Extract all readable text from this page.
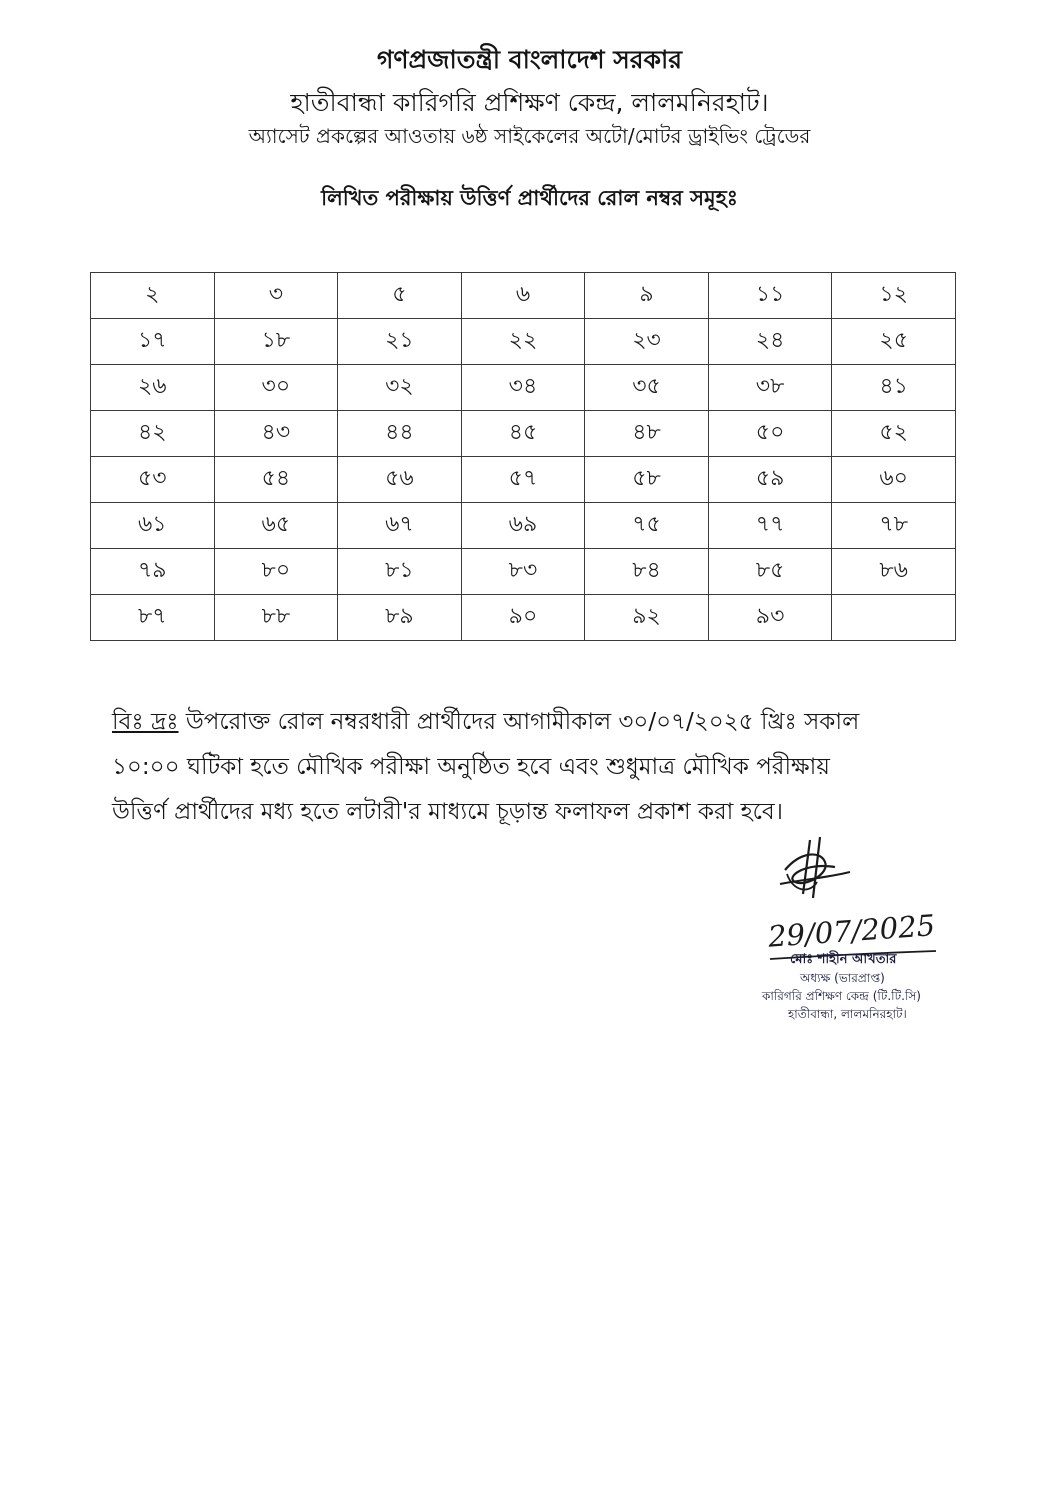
গণপ্রজাতন্ত্রী বাংলাদেশ সরকার
হাতীবান্ধা কারিগরি প্রশিক্ষণ কেন্দ্র, লালমনিরহাট।
অ্যাসেট প্রকল্পের আওতায় ৬ষ্ঠ সাইকেলের অটো/মোটর ড্রাইভিং ট্রেডের
লিখিত পরীক্ষায় উত্তির্ণ প্রার্থীদের রোল নম্বর সমূহঃ
২	৩	৫	৬	৯	১১	১২
১৭	১৮	২১	২২	২৩	২৪	২৫
২৬	৩০	৩২	৩৪	৩৫	৩৮	৪১
৪২	৪৩	৪৪	৪৫	৪৮	৫০	৫২
৫৩	৫৪	৫৬	৫৭	৫৮	৫৯	৬০
৬১	৬৫	৬৭	৬৯	৭৫	৭৭	৭৮
৭৯	৮০	৮১	৮৩	৮৪	৮৫	৮৬
৮৭	৮৮	৮৯	৯০	৯২	৯৩	
বিঃ দ্রঃ উপরোক্ত রোল নম্বরধারী প্রার্থীদের আগামীকাল ৩০/০৭/২০২৫ খ্রিঃ সকাল
১০:০০ ঘটিকা হতে মৌখিক পরীক্ষা অনুষ্ঠিত হবে এবং শুধুমাত্র মৌখিক পরীক্ষায়
উত্তির্ণ প্রার্থীদের মধ্য হতে লটারী'র মাধ্যমে চূড়ান্ত ফলাফল প্রকাশ করা হবে।
29/07/2025
মোঃ শাহীন আখতার
অধ্যক্ষ (ভারপ্রাপ্ত)
কারিগরি প্রশিক্ষণ কেন্দ্র (টি.টি.সি)
হাতীবান্ধা, লালমনিরহাট।
